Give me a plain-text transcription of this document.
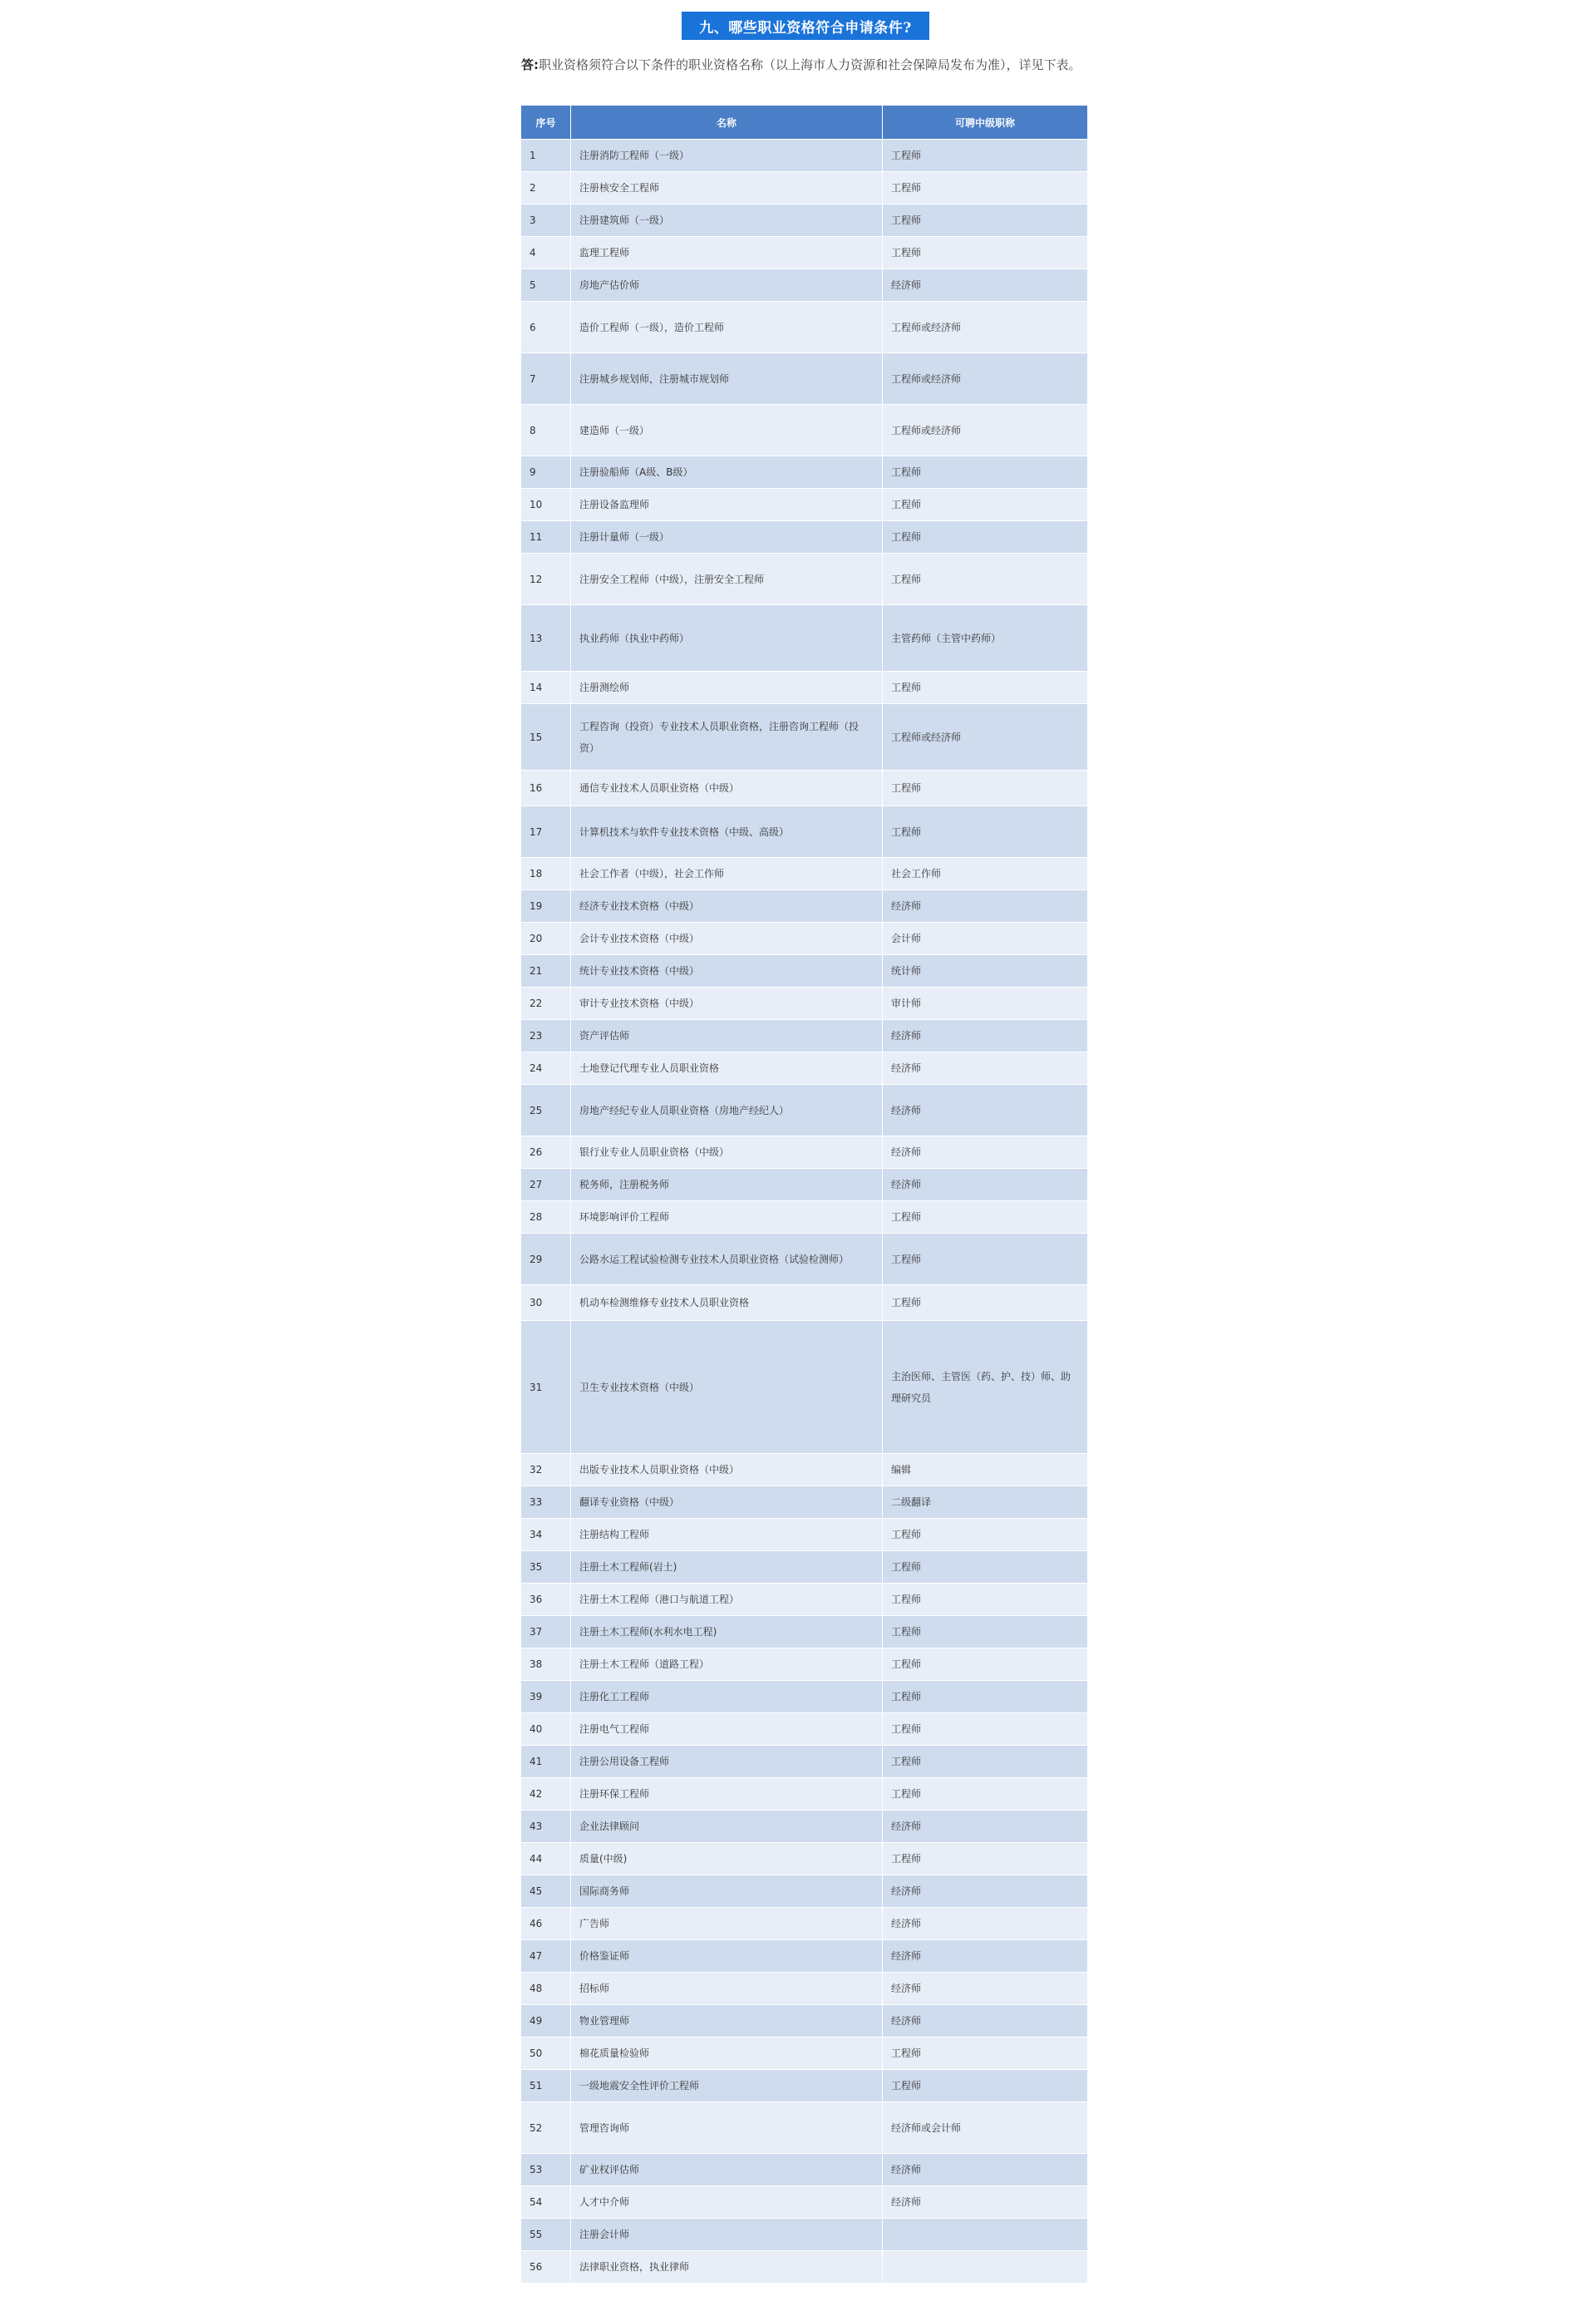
九、哪些职业资格符合申请条件?
答:职业资格须符合以下条件的职业资格名称（以上海市人力资源和社会保障局发布为准），详见下表。
序号	名称	可聘中级职称
1	注册消防工程师（一级）	工程师
2	注册核安全工程师	工程师
3	注册建筑师（一级）	工程师
4	监理工程师	工程师
5	房地产估价师	经济师
6	造价工程师（一级），造价工程师	工程师或经济师
7	注册城乡规划师，注册城市规划师	工程师或经济师
8	建造师（一级）	工程师或经济师
9	注册验船师（A级、B级）	工程师
10	注册设备监理师	工程师
11	注册计量师（一级）	工程师
12	注册安全工程师（中级），注册安全工程师	工程师
13	执业药师（执业中药师）	主管药师（主管中药师）
14	注册测绘师	工程师
15	工程咨询（投资）专业技术人员职业资格，注册咨询工程师（投资）	工程师或经济师
16	通信专业技术人员职业资格（中级）	工程师
17	计算机技术与软件专业技术资格（中级、高级）	工程师
18	社会工作者（中级），社会工作师	社会工作师
19	经济专业技术资格（中级）	经济师
20	会计专业技术资格（中级）	会计师
21	统计专业技术资格（中级）	统计师
22	审计专业技术资格（中级）	审计师
23	资产评估师	经济师
24	土地登记代理专业人员职业资格	经济师
25	房地产经纪专业人员职业资格（房地产经纪人）	经济师
26	银行业专业人员职业资格（中级）	经济师
27	税务师，注册税务师	经济师
28	环境影响评价工程师	工程师
29	公路水运工程试验检测专业技术人员职业资格（试验检测师）	工程师
30	机动车检测维修专业技术人员职业资格	工程师
31	卫生专业技术资格（中级）	主治医师、主管医（药、护、技）师、助理研究员
32	出版专业技术人员职业资格（中级）	编辑
33	翻译专业资格（中级）	二级翻译
34	注册结构工程师	工程师
35	注册土木工程师(岩土)	工程师
36	注册土木工程师（港口与航道工程）	工程师
37	注册土木工程师(水利水电工程)	工程师
38	注册土木工程师（道路工程）	工程师
39	注册化工工程师	工程师
40	注册电气工程师	工程师
41	注册公用设备工程师	工程师
42	注册环保工程师	工程师
43	企业法律顾问	经济师
44	质量(中级)	工程师
45	国际商务师	经济师
46	广告师	经济师
47	价格鉴证师	经济师
48	招标师	经济师
49	物业管理师	经济师
50	棉花质量检验师	工程师
51	一级地震安全性评价工程师	工程师
52	管理咨询师	经济师或会计师
53	矿业权评估师	经济师
54	人才中介师	经济师
55	注册会计师	
56	法律职业资格，执业律师	
